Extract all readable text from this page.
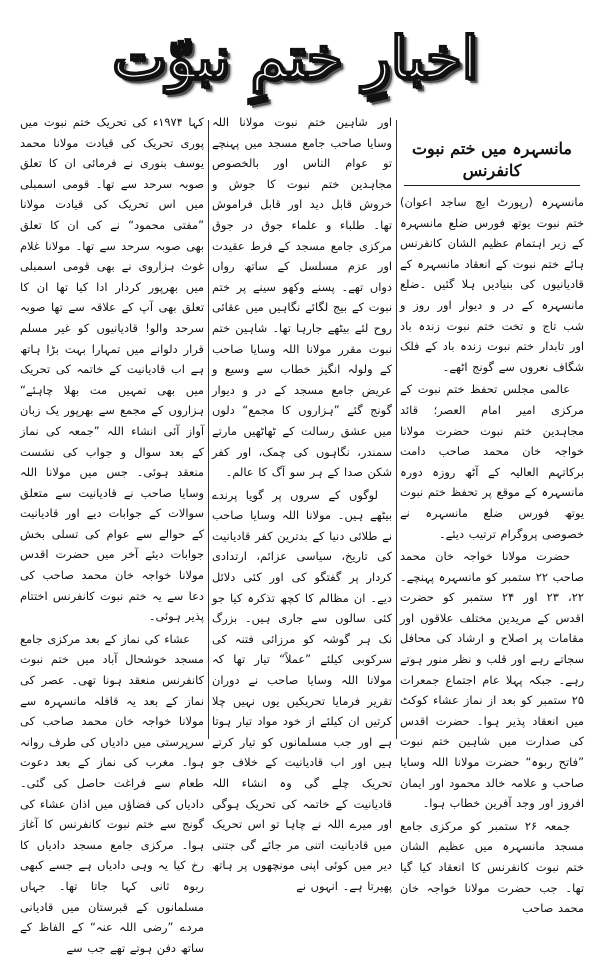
اخبارِ ختمِ نبوّت
مانسہرہ میں ختم نبوت کانفرنس

مانسہرہ (رپورٹ ایچ ساجد اعوان) ختم نبوت یوتھ فورس ضلع مانسہرہ کے زیر اہتمام عظیم الشان کانفرنس ہائے ختم نبوت کے انعقاد مانسہرہ کے قادیانیوں کی بنیادیں ہلا گئیں ۔ضلع مانسہرہ کے در و دیوار اور روز و شب تاج و تخت ختم نبوت زندہ باد اور تابدار ختم نبوت زندہ باد کے فلک شگاف نعروں سے گونج اٹھے۔

عالمی مجلس تحفظ ختم نبوت کے مرکزی امیر امام العصر؛ قائد مجاہدین ختم نبوت حضرت مولانا خواجہ خان محمد صاحب دامت برکاتہم العالیہ کے آٹھ روزہ دورہ مانسہرہ کے موقع پر تحفظ ختم نبوت یوتھ فورس ضلع مانسہرہ نے خصوصی پروگرام ترتیب دیئے۔

حضرت مولانا خواجہ خان محمد صاحب ۲۲ ستمبر کو مانسہرہ پہنچے۔ ۲۲، ۲۳ اور ۲۴ ستمبر کو حضرت اقدس کے مریدین مختلف علاقوں اور مقامات پر اصلاح و ارشاد کی محافل سجاتے رہے اور قلب و نظر منور ہوتے رہے۔ جبکہ پہلا عام اجتماع جمعرات ۲۵ ستمبر کو بعد از نماز عشاء کوکٹ میں انعقاد پذیر ہوا۔ حضرت اقدس کی صدارت میں شاہین ختم نبوت ”فاتح ربوہ“ حضرت مولانا اللہ وسایا صاحب و علامہ خالد محمود اور ایمان افروز اور وجد آفرین خطاب ہوا۔

جمعہ ۲۶ ستمبر کو مرکزی جامع مسجد مانسہرہ میں عظیم الشان ختم نبوت کانفرنس کا انعقاد کیا گیا تھا۔ جب حضرت مولانا خواجہ خان محمد صاحب

اور شاہین ختم نبوت مولانا اللہ وسایا صاحب جامع مسجد میں پہنچے تو عوام الناس اور بالخصوص مجاہدین ختم نبوت کا جوش و خروش قابل دید اور قابل فراموش تھا۔ طلباء و علماء جوق در جوق مرکزی جامع مسجد کے فرط عقیدت اور عزم مسلسل کے ساتھ رواں دواں تھے۔ پسنے وکھو سینے پر ختم نبوت کے بیج لگائے نگاہیں میں عقائی روح لئے بیٹھے جارہا تھا۔ شاہین ختم نبوت مقرر مولانا اللہ وسایا صاحب کے ولولہ انگیز خطاب سے وسیع و عریض جامع مسجد کے در و دیوار گونج گئے ”ہزاروں کا مجمع“ دلوں میں عشق رسالت کے ٹھاٹھیں مارتے سمندر، نگاہوں کی چمک، اور کفر شکن صدا کے ہر سو آگ کا عالم۔

لوگوں کے سروں پر گویا پرندے بیٹھے ہیں۔ مولانا اللہ وسایا صاحب نے طلائی دنیا کے بدترین کفر قادیانیت کی تاریخ، سیاسی عزائم، ارتدادی کردار پر گفتگو کی اور کئی دلائل دیے۔ ان مظالم کا کچھ تذکرہ کیا جو کئی سالوں سے جاری ہیں۔ بزرگ نک ہر گوشہ کو مرزائی فتنہ کی سرکوبی کیلئے ”عملاً“ تیار تھا کہ مولانا اللہ وسایا صاحب نے دوران تقریر فرمایا تحریکیں یوں نہیں چلا کرتیں ان کیلئے از خود مواد تیار ہوتا ہے اور جب مسلمانوں کو تیار کرتے ہیں اور اب قادیانیت کے خلاف جو تحریک چلے گی وہ انشاء اللہ قادیانیت کے خاتمہ کی تحریک ہوگی اور میرے اللہ نے چاہا تو اس تحریک میں قادیانیت اتنی مر جائے گی جتنی دیر میں کوئی اپنی مونچھوں پر ہاتھ پھیرتا ہے۔ انہوں نے

کہا ۱۹۷۴ء کی تحریک ختم نبوت میں پوری تحریک کی قیادت مولانا محمد یوسف بنوری نے فرمائی ان کا تعلق صوبہ سرحد سے تھا۔ قومی اسمبلی میں اس تحریک کی قیادت مولانا ”مفتی محمود“ نے کی ان کا تعلق بھی صوبہ سرحد سے تھا۔ مولانا غلام غوث ہزاروی نے بھی قومی اسمبلی میں بھرپور کردار ادا کیا تھا ان کا تعلق بھی آپ کے علاقہ سے تھا صوبہ سرحد والو! قادیانیوں کو غیر مسلم قرار دلوانے میں تمہارا بہت بڑا ہاتھ ہے اب قادیانیت کے خاتمہ کی تحریک میں بھی تمہیں مت بھلا چاہئے“ ہزاروں کے مجمع سے بھرپور یک زبان آواز آئی انشاء اللہ ”جمعہ کی نماز کے بعد سوال و جواب کی نشست منعقد ہوئی۔ جس میں مولانا اللہ وسایا صاحب نے قادیانیت سے متعلق سوالات کے جوابات دیے اور قادیانیت کے حوالے سے عوام کی تسلی بخش جوابات دیئے آخر میں حضرت اقدس مولانا خواجہ خان محمد صاحب کی دعا سے یہ ختم نبوت کانفرنس اختتام پذیر ہوئی۔

عشاء کی نماز کے بعد مرکزی جامع مسجد خوشحال آباد میں ختم نبوت کانفرنس منعقد ہونا تھی۔ عصر کی نماز کے بعد یہ قافلہ مانسہرہ سے مولانا خواجہ خان محمد صاحب کی سرپرستی میں دادیاں کی طرف روانہ ہوا۔ مغرب کی نماز کے بعد دعوت طعام سے فراغت حاصل کی گئی۔ دادیاں کی فضاؤں میں اذان عشاء کی گونج سے ختم نبوت کانفرنس کا آغاز ہوا۔ مرکزی جامع مسجد دادیاں کا رخ کیا یہ وہی دادیاں ہے جسے کبھی ربوہ ثانی کہا جاتا تھا۔ جہاں مسلمانوں کے قبرستان میں قادیانی مردے ”رضی اللہ عنہ“ کے الفاظ کے ساتھ دفن ہوتے تھے جب سے
